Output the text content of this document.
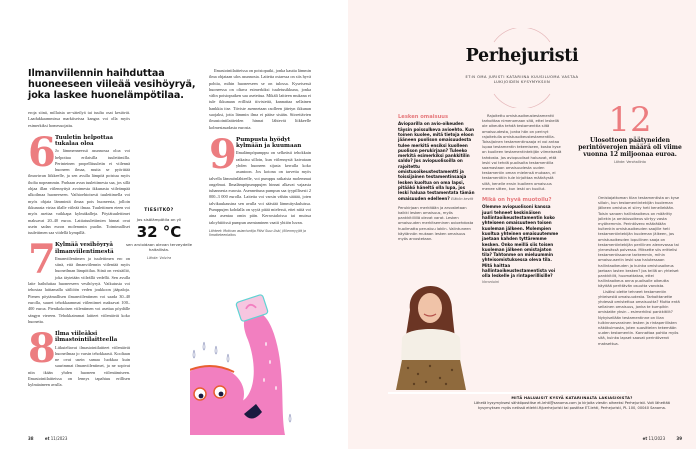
Ilmanviilennin haihduttaa huoneeseen viileää vesihöyryä, joka laskee huonelämpötilaa.

eroja siinä, millaista uv-säteilyä tai tuulta osat kestävät. Laadukkaammissa markiiseissa kangas voi olla myös esimerkiksi homesuojattu.

6 Tuuletin helpottaa tukalaa oloa

Jo lämmenneessä asunnossa oloa voi helpottaa erilaisilla tuulettimilla. Perinteinen propellituuletin ei viilennä huoneen ilmaa, mutta se pyörittää ilmavirran liikkeelle, ja sen avulla lämpöä poistuu myös iholta nopeammin. Parhaan avun tuulettimesta saa, jos sillä ohjaa illan viilennyttyä avoimesta ikkunasta viileämpää ulkoilmaa huoneeseen. Vaihtoehtoisesti tuulettimella voi myös ohjata lämmintä ilmaa pois huoneesta, jolloin ikkunasta virtaa tilalle viileää ilmaa. Tuulettimen eteen voi myös asettaa vaikkapa kylmäkalleja. Pöytätuulettimet maksavat 20–40 euroa. Lattiatuulettimien hinnat ovat usein sadan euron molemmin puolin. Toimimalliset tuulettimen saa viidellä kympillä.

7 Kylmää vesihöyryä ilmanviilentimestä

Ilmanviilentimen ja tuulettimen ero on siinä, että ilmanviilennin viilentää myös huoneilman lämpötilaa. Siinä on vesisäiliö, joka täytetään viileällä vedellä. Sen avulla laite haihduttaa huoneeseen vesihöyryä. Vaikutusta voi tehostaa laittamalla säiliöön veden joukkoon jääpaloja. Pienen pöytämallisen ilmanviilentimen voi saada 30–40 eurolla, suuret tehokkaammat viilentimet maksavat 100–400 euroa. Pienikokoisen viilentimen voi asettaa pöydälle sängyn viereen. Tehokkaimmat laitteet viilentävät koko huonetta.

8 Ilma viileäksi ilmastointilaitteella

Liikuteltavat ilmastointilaitteet viilentävät huoneilmaa jo varsin tehokkaasti. Kooltaan ne ovat usein samaa luokkaa kuin suurimmat ilmanviilentimet, ja ne sopivat niin ikään yhden huoneen viilentämiseen. Ilmastointilaitteissa on lennys tapahtuu erillisen kylmäaineen avulla.

TIESITKÖ?
Jos sisälämpötila on yli
32 °C
sen arvioidaan olevan terveydelle haitallista.
Lähde: Valvira

Ilmastointilaitteissa on poistoputki, jonka kautta lämmin ilma ohjataan ulos asunnosta. Laitetta ostaessa on siis hyvä pohtia, mihin huoneeseen se on tulossa. Kyseisessä huoneessa on oltava esimerkiksi tuuletusikkuna, jonka välin poistoputken saa asetettua. Mikäli laitteen mukana ei tule ikkunaan erillistä tiivistettä, kannattaa sellainen hankkia itse. Tiiviste asennetaan raolleen jätetyn ikkunan suojaksi, jotta lämmin ilma ei pääse sisään. Siirrettävien ilmastointilaitteiden hinnat lähtevät liikkeelle kolmestasadasta eurosta.

9 Pumpusta hyödyt kylmään ja kuumaan

Ilmalämpöpumppu on selkeästi tehokkain ratkaisu silloin, kun viilennystä kaivataan yhden huoneen sijasta kerralla koko asuntoon. Jos kotona on tarvetta myös talvella lämmönlähteelle, voi pumppu ratkaista molemmat ongelmat. Ilmalämpöpumppujen hinnat alkavat vajaasta tuhannesta eurosta. Asennettuna pumpun saa tyypillisesti 2 000–3 000 eurolla. Laitetta voi varsin vähän säätää, joten talvikuukausina sen avulla voi säästää lämmityskuluissa. Pumppujen kohdalla on syytä pitää mielessä, ettei niitä voi aina asentaa omin päin. Kerrostaloissa tai muissa taloyhtiöissä pumpun asentaminen vaatii yhtiön luvan.

Lähteet: Motivan asiantuntija Päivi Suur-Uski, Jöllenmyyjät ja Ilmatieteenlaitos

38	et 11/2023
Perhejuristi
ET:N OMA JURISTI KATARIINA KUUSILUOMA VASTAA LUKIJOIDEN KYSYMYKSIIN
Lesken omaisuus
Avioparilla on avio-oikeuden täysin poissulkeva avioehto. Kun toinen kuolee, mitä tietoja eloon jääneen puolison omaisuudesta tulee merkitä ensiksi kuolleen puolison perukirjaan? Tuleeko merkitä esimerkiksi pankkitilin saldo? Jos aviopuolisoilla on rajoitettu omistusoikeustestamentti ja toissijainen testamentinsaaja lesken kuoltua on oma lapsi, pitääkö häneltä olla lupa, jos leski haluaa testamentata tämän omaisuuden edelleen? Eläkön kevät

Perukirjaan merkitään ja arvostetaan kaikki lesken omaisuus, myös pankkitillillä olevat varat. Lesken omaisuuden merkitseminen avioehdosta huolimatta perustuu lakiin. Valintuneen käytännön mukaan lesken omaisuus myös arvostetaan.

Rajoitettu omistusoikeustestamentti tarkoittaa nimenomaan sitä, ettei leskellä ole oikeutta tehdä testamenttia siitä omaisuudesta, jonka hän on perinyt rajoitetulla omistusoikeustestamentilla. Toissijainen testamentinsaaja ei voi antaa lupaa testamentin tekemiseen, koska kyse on kuolleen testamentintekijän viimeisestä tahdosta. Jos aviopuolisot haluavat, että leski voi tehdä puolisolta testamentilla saamastaan omaisuudesta uuden testamentin oman mielensä mukaan, ei testamenttiin tule kirjoittaa määräystä siitä, kenelle ensin kuolleen omaisuus menee sitten, kun leski on kuollut.

Mikä on hyvä muotoilu?
Olemme aviopuolisoni kanssa juuri tehneet keskinäisen hallintaoikeustestamentin koko yhteiseen omaisuuteen toisen kuoleman jälkeen. Molempien kuoltua yhteinen omaisuutemme jaetaan kahden tyttäremme kesken. Onko meillä siis toisen kuoleman jälkeen omistajaton tila? Tahtonme on mieluummin yhteisomistuksessa oleva tila. Mitä haittaa hallintaoikeustestamentista voi olla leskelle ja rintaperillisille? Voroniuini
12
Ulosottoon päätyneiden perintöverojen määrä oli viime vuonna 12 miljoonaa euroa.
Lähde: Verohallinto

Omistajattoman tilan testamentista on kyse silloin, kun testamentintekijän kuoleman jälkeen omistus ei siirry heti kenellekään. Toisin sanoen hallintaoikeus on määritty jollekin ja omistusoikeus siirtyy vasta myöhemmin. Perintövero määrätään kuitenkin omistusoikeuden saajille heti testamentintekijän kuoleman jälkeen, jos omistusoikeuden lopullinen saaja on testamentintekijän perillinen alenevassa tai ylenevässä polvessa. Miksette siis erittelisi testamentissanne tarkemmin, mihin omaisuuseriin leski saa halutessaan hallintaoikeuden ja kuinka omistusoikeus jaetaan lasten kesken? Jos teillä on yhteiset pankkitilit, huomattakaa, ettei hallintaoikeus anna puolisolle oikeutta käyttää perittävän osuutta varoista.

Lisäksi olette tehneet testamentin yhteisestä omaisuudesta. Tarkoittanette yhdessä omistettua omaisuutta? Mutta entä sellainen omaisuus, jonka te kumpikin omistatte yksin – esimerkiksi pankkitilit? Nykyisellään testamentinne on liian tulkinnanvarainen lesken ja rintaperillisten näkökulmasta, joten suosittelen tekemään uuden testamentin. Kannattaa pohtia myös sitä, kuinka lapset saavat perintöverot maksettua.

MITÄ HALUAISIT KYSYÄ KATARIINALTA LAKIASIOISTA?
Lähetä kysymyksesi sähköpostitse et-lehti@sanoma.com ja kirjoita viestin aiheeksi Perhejuristi. Voit lähettää kysymyksen myös netissä etlehti.fi/perhejuristi tai postitse ET-lehti, Perhejuristi, PL 100, 00040 Sanoma.
et 11/2023	39
